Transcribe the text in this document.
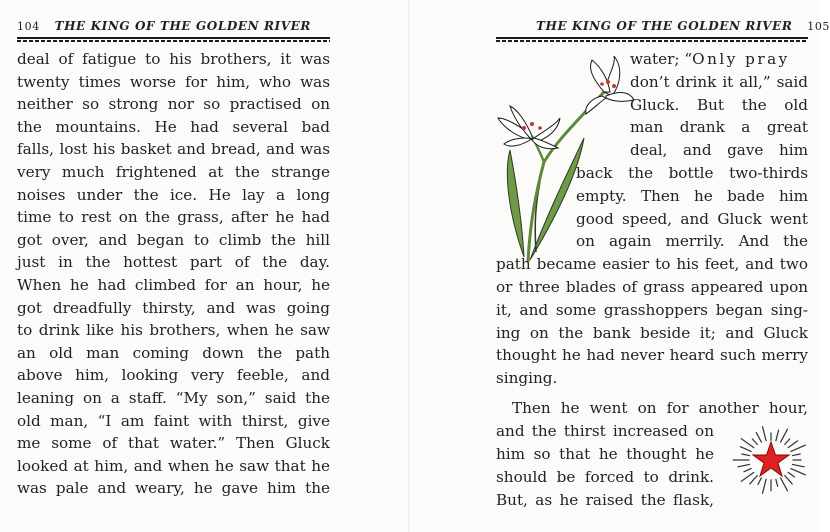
104 THE KING OF THE GOLDEN RIVER
deal of fatigue to his brothers, it was
twenty times worse for him, who was
neither so strong nor so practised on
the mountains. He had several bad
falls, lost his basket and bread, and was
very much frightened at the strange
noises under the ice. He lay a long
time to rest on the grass, after he had
got over, and began to climb the hill
just in the hottest part of the day.
When he had climbed for an hour, he
got dreadfully thirsty, and was going
to drink like his brothers, when he saw
an old man coming down the path
above him, looking very feeble, and
leaning on a staff. “My son,” said the
old man, “I am faint with thirst, give
me some of that water.” Then Gluck
looked at him, and when he saw that he
was pale and weary, he gave him the
THE KING OF THE GOLDEN RIVER 105
water; “Only pray
don’t drink it all,” said
Gluck. But the old
man drank a great
deal, and gave him
back the bottle two-thirds
empty. Then he bade him
good speed, and Gluck went
on again merrily. And the
path became easier to his feet, and two
or three blades of grass appeared upon
it, and some grasshoppers began sing-
ing on the bank beside it; and Gluck
thought he had never heard such merry
singing.
Then he went on for another hour,
and the thirst increased on
him so that he thought he
should be forced to drink.
But, as he raised the flask,
